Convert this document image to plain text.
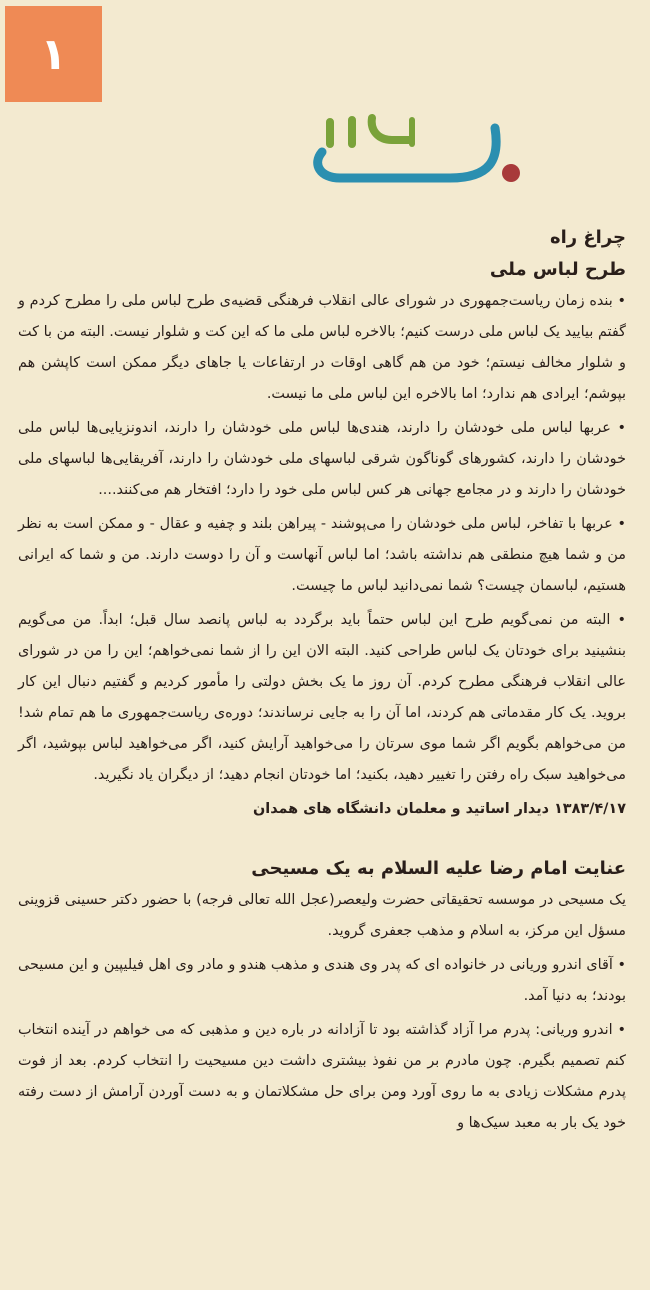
۱
چراغ راه
طرح لباس ملی

• بنده زمان ریاست‌جمهوری در شورای عالی انقلاب فرهنگی قضیه‌ی طرح لباس ملی را مطرح کردم و گفتم بیایید یک لباس ملی درست کنیم؛ بالاخره لباس ملی ما که این کت و شلوار نیست. البته من با کت و شلوار مخالف نیستم؛ خود من هم گاهی اوقات در ارتفاعات یا جاهای دیگر ممکن است کاپشن هم بپوشم؛ ایرادی هم ندارد؛ اما بالاخره این لباس ملی ما نیست.

• عربها لباس ملی خودشان را دارند، هندی‌ها لباس ملی خودشان را دارند، اندونزیایی‌ها لباس ملی خودشان را دارند، کشورهای گوناگون شرقی لباسهای ملی خودشان را دارند، آفریقایی‌ها لباسهای ملی خودشان را دارند و در مجامع جهانی هر کس لباس ملی خود را دارد؛ افتخار هم می‌کنند....

• عربها با تفاخر، لباس ملی خودشان را می‌پوشند - پیراهن بلند و چفیه و عقال - و ممکن است به نظر من و شما هیچ منطقی هم نداشته باشد؛ اما لباس آنهاست و آن را دوست دارند. من و شما که ایرانی هستیم، لباسمان چیست؟ شما نمی‌دانید لباس ما چیست.

• البته من نمی‌گویم طرح این لباس حتماً باید برگردد به لباس پانصد سال قبل؛ ابداً. من می‌گویم بنشینید برای خودتان یک لباس طراحی کنید. البته الان این را از شما نمی‌خواهم؛ این را من در شورای عالی انقلاب فرهنگی مطرح کردم. آن روز ما یک بخش دولتی را مأمور کردیم و گفتیم دنبال این کار بروید. یک کار مقدماتی هم کردند، اما آن را به جایی نرساندند؛ دوره‌ی ریاست‌جمهوری ما هم تمام شد! من می‌خواهم بگویم اگر شما موی سرتان را می‌خواهید آرایش کنید، اگر می‌خواهید لباس بپوشید، اگر می‌خواهید سبک راه رفتن را تغییر دهید، بکنید؛ اما خودتان انجام دهید؛ از دیگران یاد نگیرید.

۱۳۸۳/۴/۱۷ دیدار اساتید و معلمان دانشگاه های همدان

عنایت امام رضا علیه السلام به یک مسیحی

یک مسیحی در موسسه تحقیقاتی حضرت ولیعصر(عجل الله تعالی فرجه) با حضور دکتر حسینی قزوینی مسؤل این مرکز، به اسلام و مذهب جعفری گروید.

• آقای اندرو وریانی در خانواده ای که پدر وی هندی و مذهب هندو و مادر وی اهل فیلیپین و این مسیحی بودند؛ به دنیا آمد.

• اندرو وریانی: پدرم مرا آزاد گذاشته بود تا آزادانه در باره دین و مذهبی که می خواهم در آینده انتخاب کنم تصمیم بگیرم. چون مادرم بر من نفوذ بیشتری داشت دین مسیحیت را انتخاب کردم. بعد از فوت پدرم مشکلات زیادی به ما روی آورد ومن برای حل مشکلاتمان و به دست آوردن آرامش از دست رفته خود یک بار به معبد سیک‌ها و
